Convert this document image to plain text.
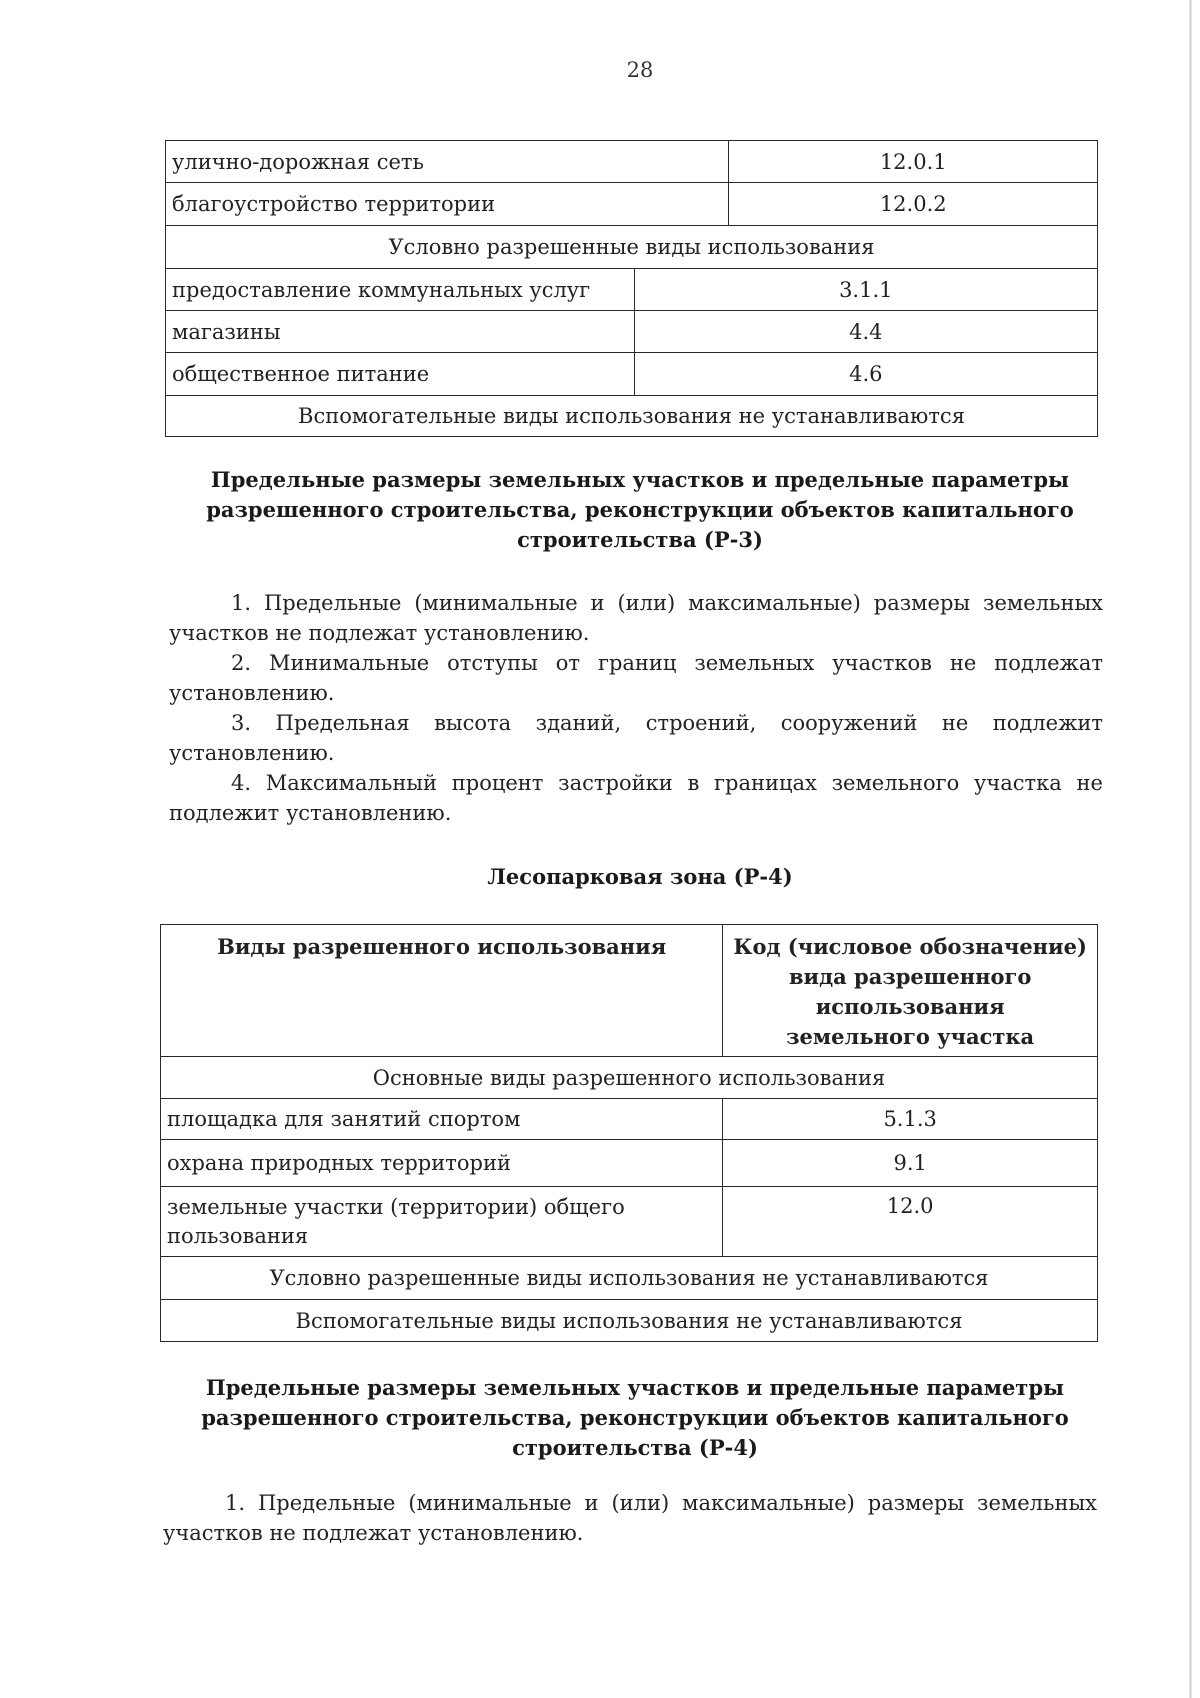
28
улично-дорожная сеть		12.0.1
благоустройство территории		12.0.2
Условно разрешенные виды использования		
предоставление коммунальных услуг	3.1.1	
магазины	4.4	
общественное питание	4.6	
Вспомогательные виды использования не устанавливаются		
Предельные размеры земельных участков и предельные параметры
разрешенного строительства, реконструкции объектов капитального
строительства (Р-3)
1. Предельные (минимальные и (или) максимальные) размеры земельных
участков не подлежат установлению.
2. Минимальные отступы от границ земельных участков не подлежат
установлению.
3. Предельная высота зданий, строений, сооружений не подлежит
установлению.
4. Максимальный процент застройки в границах земельного участка не
подлежит установлению.
Лесопарковая зона (Р-4)
Виды разрешенного использования	Код (числовое обозначение)
вида разрешенного
использования
земельного участка

Основные виды разрешенного использования	
площадка для занятий спортом	5.1.3
охрана природных территорий	9.1

земельные участки (территории) общего
пользования	12.0
Условно разрешенные виды использования не устанавливаются	
Вспомогательные виды использования не устанавливаются	
Предельные размеры земельных участков и предельные параметры
разрешенного строительства, реконструкции объектов капитального
строительства (Р-4)
1. Предельные (минимальные и (или) максимальные) размеры земельных
участков не подлежат установлению.
